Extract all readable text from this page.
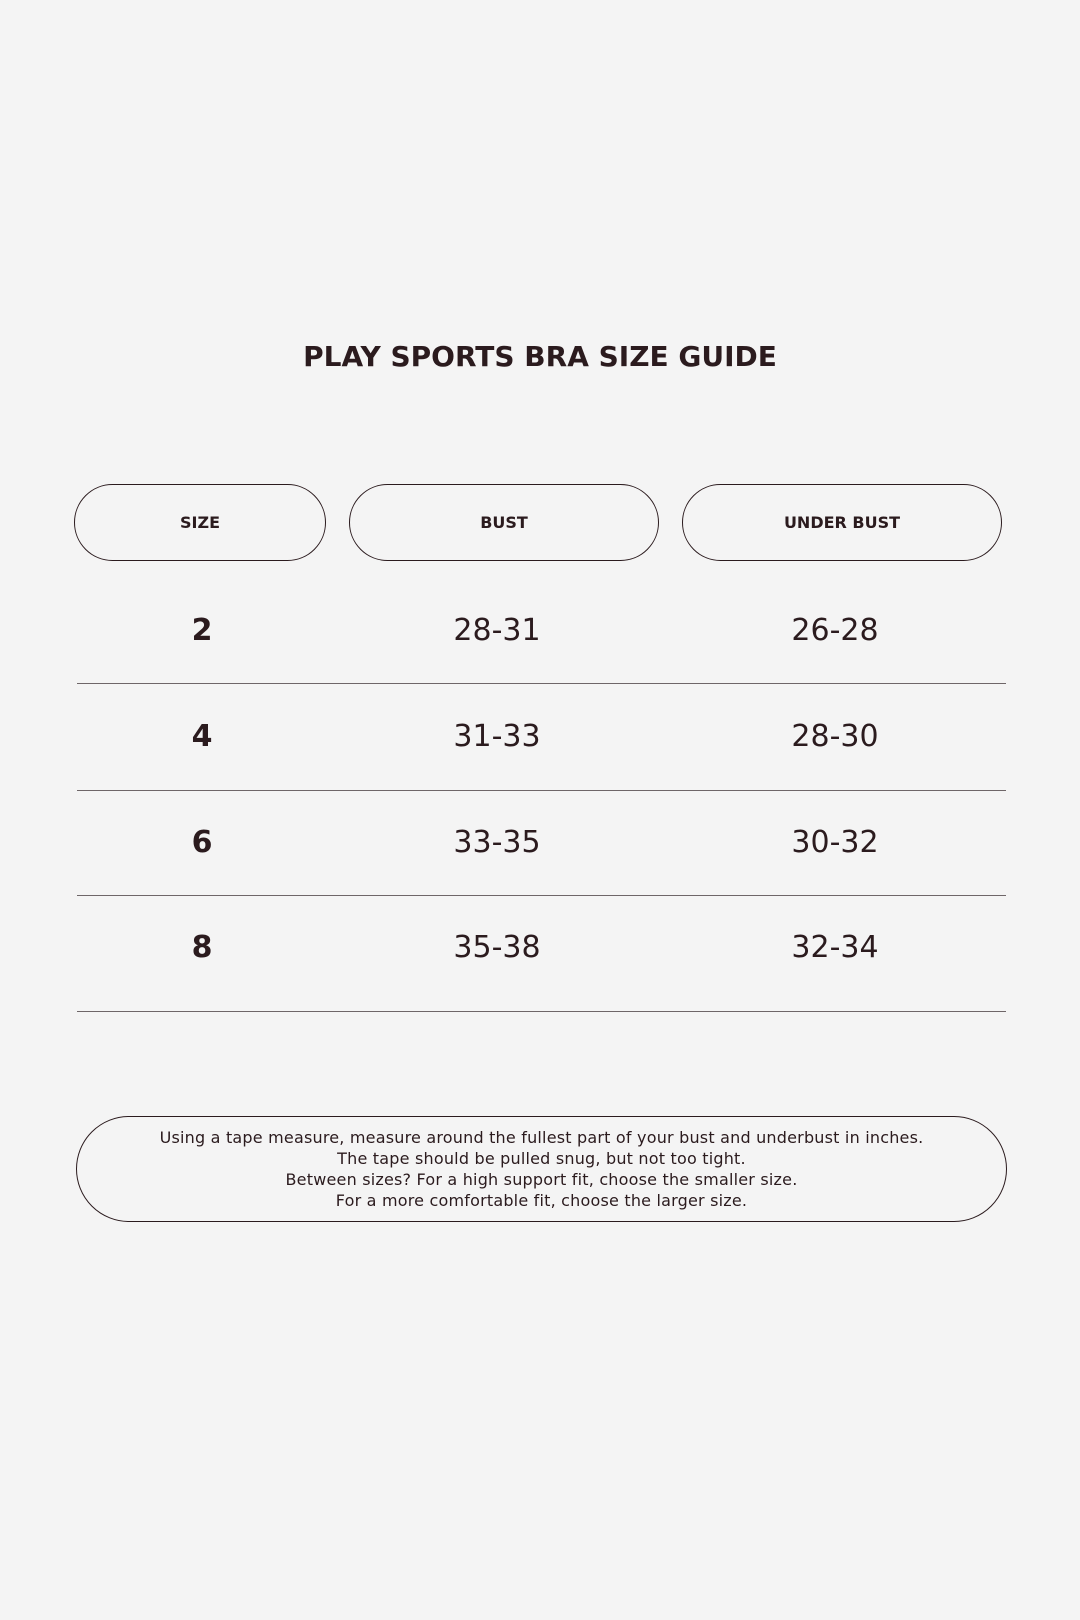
PLAY SPORTS BRA SIZE GUIDE
SIZE	BUST	UNDER BUST
2	28-31	26-28
4	31-33	28-30
6	33-35	30-32
8	35-38	32-34
Using a tape measure, measure around the fullest part of your bust and underbust in inches.
The tape should be pulled snug, but not too tight.
Between sizes? For a high support fit, choose the smaller size.
For a more comfortable fit, choose the larger size.
